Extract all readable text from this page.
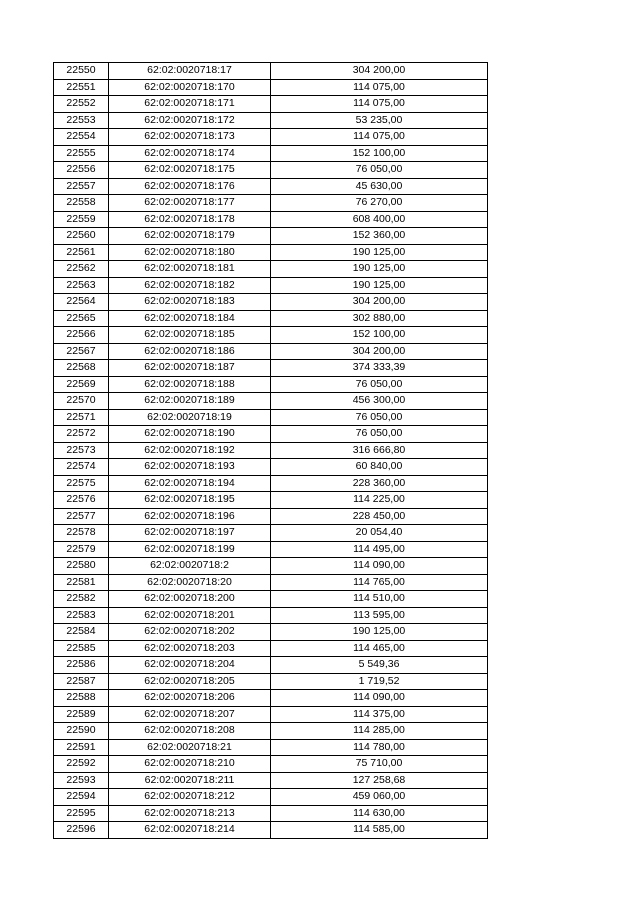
22550	62:02:0020718:17	304 200,00
22551	62:02:0020718:170	114 075,00
22552	62:02:0020718:171	114 075,00
22553	62:02:0020718:172	53 235,00
22554	62:02:0020718:173	114 075,00
22555	62:02:0020718:174	152 100,00
22556	62:02:0020718:175	76 050,00
22557	62:02:0020718:176	45 630,00
22558	62:02:0020718:177	76 270,00
22559	62:02:0020718:178	608 400,00
22560	62:02:0020718:179	152 360,00
22561	62:02:0020718:180	190 125,00
22562	62:02:0020718:181	190 125,00
22563	62:02:0020718:182	190 125,00
22564	62:02:0020718:183	304 200,00
22565	62:02:0020718:184	302 880,00
22566	62:02:0020718:185	152 100,00
22567	62:02:0020718:186	304 200,00
22568	62:02:0020718:187	374 333,39
22569	62:02:0020718:188	76 050,00
22570	62:02:0020718:189	456 300,00
22571	62:02:0020718:19	76 050,00
22572	62:02:0020718:190	76 050,00
22573	62:02:0020718:192	316 666,80
22574	62:02:0020718:193	60 840,00
22575	62:02:0020718:194	228 360,00
22576	62:02:0020718:195	114 225,00
22577	62:02:0020718:196	228 450,00
22578	62:02:0020718:197	20 054,40
22579	62:02:0020718:199	114 495,00
22580	62:02:0020718:2	114 090,00
22581	62:02:0020718:20	114 765,00
22582	62:02:0020718:200	114 510,00
22583	62:02:0020718:201	113 595,00
22584	62:02:0020718:202	190 125,00
22585	62:02:0020718:203	114 465,00
22586	62:02:0020718:204	5 549,36
22587	62:02:0020718:205	1 719,52
22588	62:02:0020718:206	114 090,00
22589	62:02:0020718:207	114 375,00
22590	62:02:0020718:208	114 285,00
22591	62:02:0020718:21	114 780,00
22592	62:02:0020718:210	75 710,00
22593	62:02:0020718:211	127 258,68
22594	62:02:0020718:212	459 060,00
22595	62:02:0020718:213	114 630,00
22596	62:02:0020718:214	114 585,00
